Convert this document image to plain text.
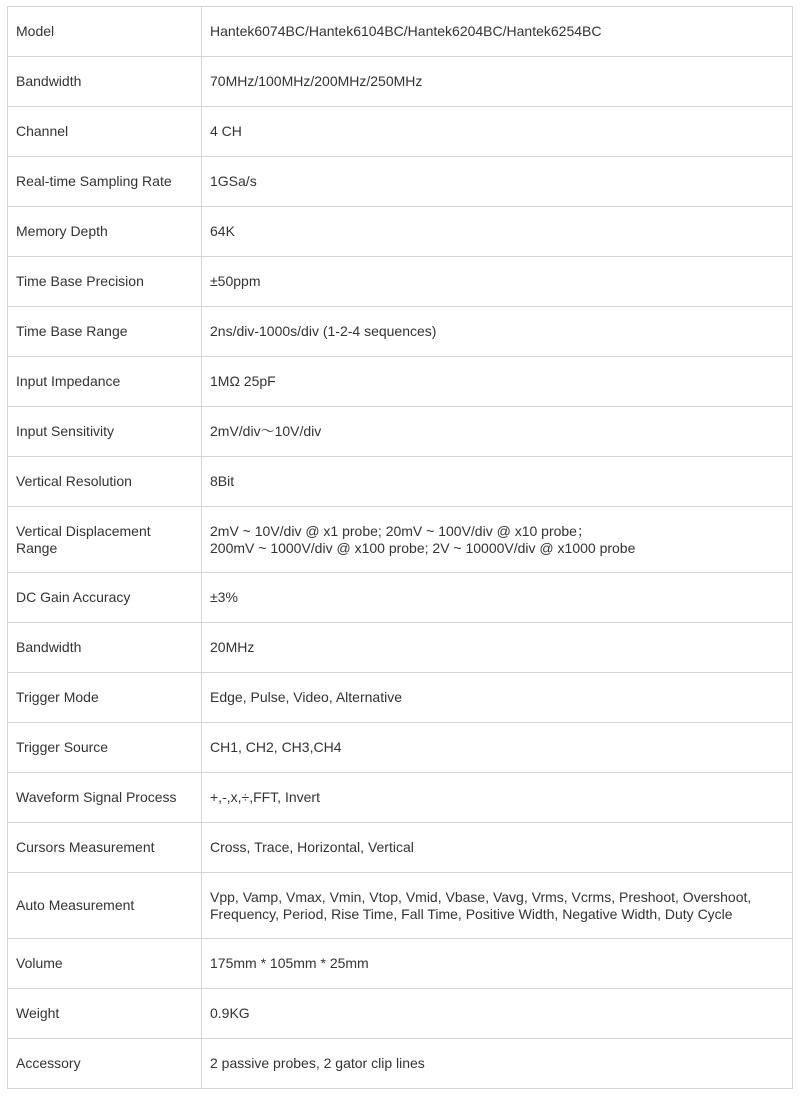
Model	Hantek6074BC/Hantek6104BC/Hantek6204BC/Hantek6254BC
Bandwidth	70MHz/100MHz/200MHz/250MHz
Channel	4 CH
Real-time Sampling Rate	1GSa/s
Memory Depth	64K
Time Base Precision	±50ppm
Time Base Range	2ns/div-1000s/div (1-2-4 sequences)
Input Impedance	1MΩ 25pF
Input Sensitivity	2mV/div～10V/div
Vertical Resolution	8Bit
Vertical Displacement Range	2mV ~ 10V/div @ x1 probe; 20mV ~ 100V/div @ x10 probe；
200mV ~ 1000V/div @ x100 probe; 2V ~ 10000V/div @ x1000 probe

DC Gain Accuracy	±3%
Bandwidth	20MHz
Trigger Mode	Edge, Pulse, Video, Alternative
Trigger Source	CH1, CH2, CH3,CH4
Waveform Signal Process	+,-,x,÷,FFT, Invert
Cursors Measurement	Cross, Trace, Horizontal, Vertical
Auto Measurement	Vpp, Vamp, Vmax, Vmin, Vtop, Vmid, Vbase, Vavg, Vrms, Vcrms, Preshoot, Overshoot,
Frequency, Period, Rise Time, Fall Time, Positive Width, Negative Width, Duty Cycle

Volume	175mm * 105mm * 25mm
Weight	0.9KG
Accessory	2 passive probes, 2 gator clip lines
